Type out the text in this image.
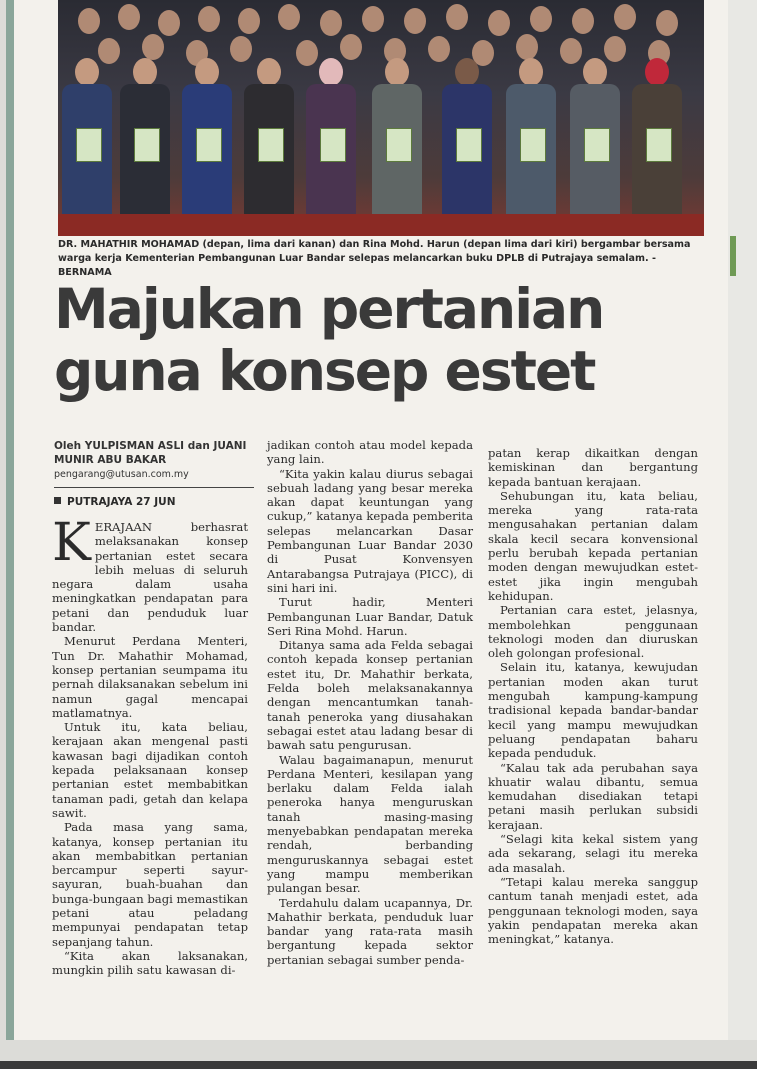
DR. MAHATHIR MOHAMAD (depan, lima dari kanan) dan Rina Mohd. Harun (depan lima dari kiri) bergambar bersama warga kerja Kementerian Pembangunan Luar Bandar selepas melancarkan buku DPLB di Putrajaya semalam. - BERNAMA

Majukan pertanian
guna konsep estet
Oleh YULPISMAN ASLI dan JUANI MUNIR ABU BAKAR
pengarang@utusan.com.my
PUTRAJAYA 27 JUN

KERAJAAN berhasrat melaksanakan konsep pertanian estet secara lebih meluas di seluruh negara dalam usaha meningkatkan pendapatan para petani dan penduduk luar bandar.

Menurut Perdana Menteri, Tun Dr. Mahathir Mohamad, konsep pertanian seumpama itu pernah dilaksanakan sebelum ini namun gagal mencapai matlamatnya.

Untuk itu, kata beliau, kerajaan akan mengenal pasti kawasan bagi dijadikan contoh kepada pelaksanaan konsep pertanian estet membabitkan tanaman padi, getah dan kelapa sawit.

Pada masa yang sama, katanya, konsep pertanian itu akan membabitkan pertanian bercampur seperti sayur-sayuran, buah-buahan dan bunga-bungaan bagi memastikan petani atau peladang mempunyai pendapatan tetap sepanjang tahun.

“Kita akan laksanakan, mungkin pilih satu kawasan di-

jadikan contoh atau model kepada yang lain.

“Kita yakin kalau diurus sebagai sebuah ladang yang besar mereka akan dapat keuntungan yang cukup,” katanya kepada pemberita selepas melancarkan Dasar Pembangunan Luar Bandar 2030 di Pusat Konvensyen Antarabangsa Putrajaya (PICC), di sini hari ini.

Turut hadir, Menteri Pembangunan Luar Bandar, Datuk Seri Rina Mohd. Harun.

Ditanya sama ada Felda sebagai contoh kepada konsep pertanian estet itu, Dr. Mahathir berkata, Felda boleh melaksanakannya dengan mencantumkan tanah-tanah peneroka yang diusahakan sebagai estet atau ladang besar di bawah satu pengurusan.

Walau bagaimanapun, menurut Perdana Menteri, kesilapan yang berlaku dalam Felda ialah peneroka hanya menguruskan tanah masing-masing menyebabkan pendapatan mereka rendah, berbanding menguruskannya sebagai estet yang mampu memberikan pulangan besar.

Terdahulu dalam ucapannya, Dr. Mahathir berkata, penduduk luar bandar yang rata-rata masih bergantung kepada sektor pertanian sebagai sumber penda-

patan kerap dikaitkan dengan kemiskinan dan bergantung kepada bantuan kerajaan.

Sehubungan itu, kata beliau, mereka yang rata-rata mengusahakan pertanian dalam skala kecil secara konvensional perlu berubah kepada pertanian moden dengan mewujudkan estet-estet jika ingin mengubah kehidupan.

Pertanian cara estet, jelasnya, membolehkan penggunaan teknologi moden dan diuruskan oleh golongan profesional.

Selain itu, katanya, kewujudan pertanian moden akan turut mengubah kampung-kampung tradisional kepada bandar-bandar kecil yang mampu mewujudkan peluang pendapatan baharu kepada penduduk.

“Kalau tak ada perubahan saya khuatir walau dibantu, semua kemudahan disediakan tetapi petani masih perlukan subsidi kerajaan.

“Selagi kita kekal sistem yang ada sekarang, selagi itu mereka ada masalah.

“Tetapi kalau mereka sanggup cantum tanah menjadi estet, ada penggunaan teknologi moden, saya yakin pendapatan mereka akan meningkat,” katanya.
